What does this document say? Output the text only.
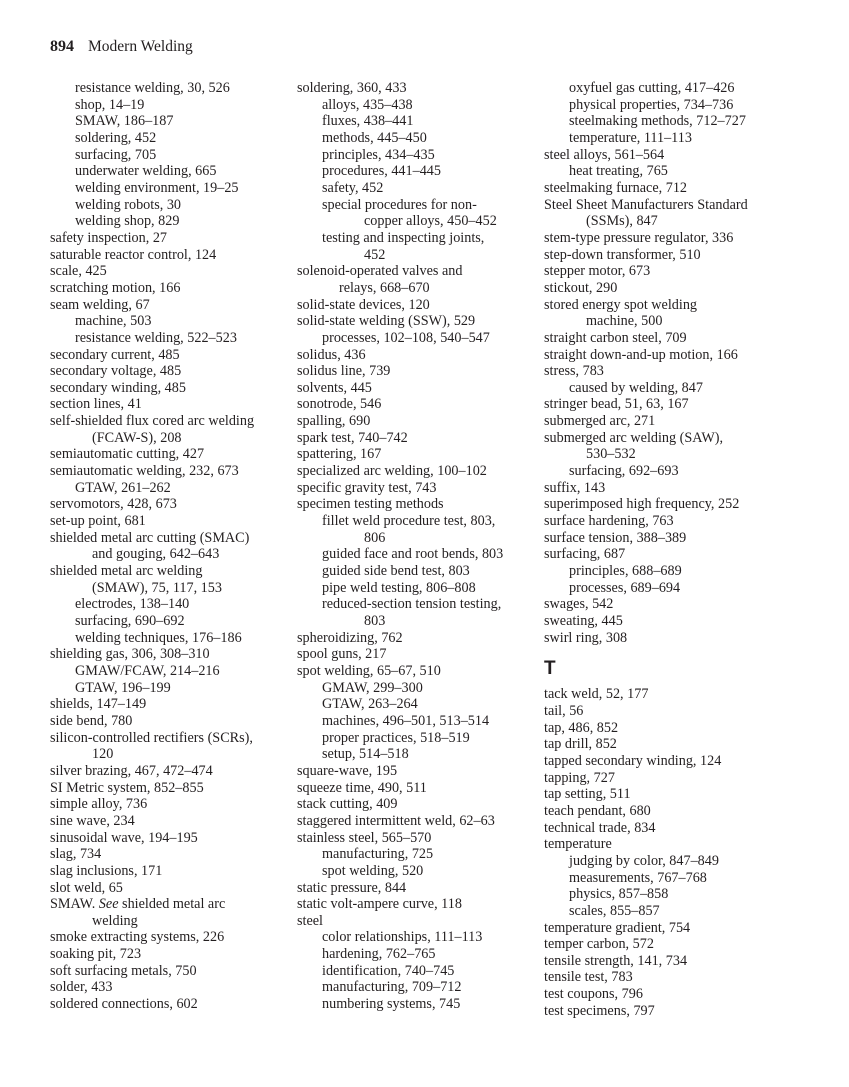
894 Modern Welding
resistance welding, 30, 526
shop, 14–19
SMAW, 186–187
soldering, 452
surfacing, 705
underwater welding, 665
welding environment, 19–25
welding robots, 30
welding shop, 829
safety inspection, 27
saturable reactor control, 124
scale, 425
scratching motion, 166
seam welding, 67
machine, 503
resistance welding, 522–523
secondary current, 485
secondary voltage, 485
secondary winding, 485
section lines, 41
self-shielded flux cored arc welding
(FCAW-S), 208
semiautomatic cutting, 427
semiautomatic welding, 232, 673
GTAW, 261–262
servomotors, 428, 673
set-up point, 681
shielded metal arc cutting (SMAC)
and gouging, 642–643
shielded metal arc welding
(SMAW), 75, 117, 153
electrodes, 138–140
surfacing, 690–692
welding techniques, 176–186
shielding gas, 306, 308–310
GMAW/FCAW, 214–216
GTAW, 196–199
shields, 147–149
side bend, 780
silicon-controlled rectifiers (SCRs),
120
silver brazing, 467, 472–474
SI Metric system, 852–855
simple alloy, 736
sine wave, 234
sinusoidal wave, 194–195
slag, 734
slag inclusions, 171
slot weld, 65
SMAW. See shielded metal arc
welding
smoke extracting systems, 226
soaking pit, 723
soft surfacing metals, 750
solder, 433
soldered connections, 602
soldering, 360, 433
alloys, 435–438
fluxes, 438–441
methods, 445–450
principles, 434–435
procedures, 441–445
safety, 452
special procedures for non-
copper alloys, 450–452
testing and inspecting joints,
452
solenoid-operated valves and
relays, 668–670
solid-state devices, 120
solid-state welding (SSW), 529
processes, 102–108, 540–547
solidus, 436
solidus line, 739
solvents, 445
sonotrode, 546
spalling, 690
spark test, 740–742
spattering, 167
specialized arc welding, 100–102
specific gravity test, 743
specimen testing methods
fillet weld procedure test, 803,
806
guided face and root bends, 803
guided side bend test, 803
pipe weld testing, 806–808
reduced-section tension testing,
803
spheroidizing, 762
spool guns, 217
spot welding, 65–67, 510
GMAW, 299–300
GTAW, 263–264
machines, 496–501, 513–514
proper practices, 518–519
setup, 514–518
square-wave, 195
squeeze time, 490, 511
stack cutting, 409
staggered intermittent weld, 62–63
stainless steel, 565–570
manufacturing, 725
spot welding, 520
static pressure, 844
static volt-ampere curve, 118
steel
color relationships, 111–113
hardening, 762–765
identification, 740–745
manufacturing, 709–712
numbering systems, 745
oxyfuel gas cutting, 417–426
physical properties, 734–736
steelmaking methods, 712–727
temperature, 111–113
steel alloys, 561–564
heat treating, 765
steelmaking furnace, 712
Steel Sheet Manufacturers Standard
(SSMs), 847
stem-type pressure regulator, 336
step-down transformer, 510
stepper motor, 673
stickout, 290
stored energy spot welding
machine, 500
straight carbon steel, 709
straight down-and-up motion, 166
stress, 783
caused by welding, 847
stringer bead, 51, 63, 167
submerged arc, 271
submerged arc welding (SAW),
530–532
surfacing, 692–693
suffix, 143
superimposed high frequency, 252
surface hardening, 763
surface tension, 388–389
surfacing, 687
principles, 688–689
processes, 689–694
swages, 542
sweating, 445
swirl ring, 308
T
tack weld, 52, 177
tail, 56
tap, 486, 852
tap drill, 852
tapped secondary winding, 124
tapping, 727
tap setting, 511
teach pendant, 680
technical trade, 834
temperature
judging by color, 847–849
measurements, 767–768
physics, 857–858
scales, 855–857
temperature gradient, 754
temper carbon, 572
tensile strength, 141, 734
tensile test, 783
test coupons, 796
test specimens, 797
